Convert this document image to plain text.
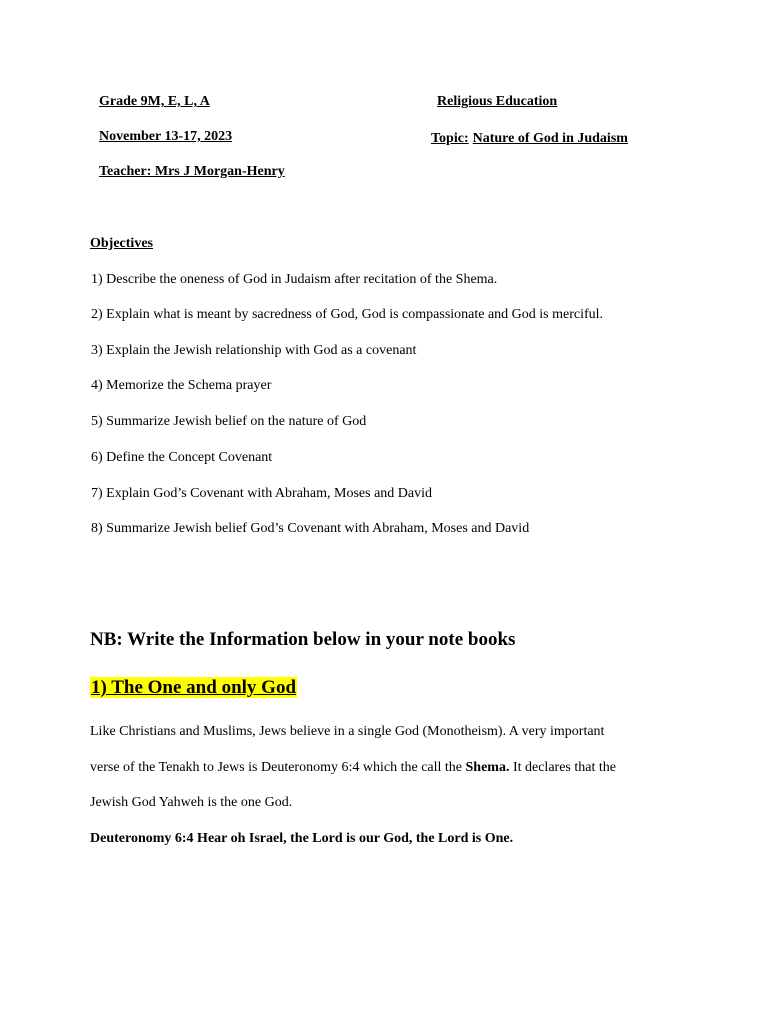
Grade 9M, E, L, A	Religious Education
November 13-17, 2023	Topic: Nature of God in Judaism
Teacher: Mrs J Morgan-Henry
Objectives
1) Describe the oneness of God in Judaism after recitation of the Shema.
2) Explain what is meant by sacredness of God, God is compassionate and God is merciful.
3) Explain the Jewish relationship with God as a covenant
4) Memorize the Schema prayer
5) Summarize Jewish belief on the nature of God
6) Define the Concept Covenant
7) Explain God’s Covenant with Abraham, Moses and David
8) Summarize Jewish belief God’s Covenant with Abraham, Moses and David
NB: Write the Information below in your note books
1) The One and only God
Like Christians and Muslims, Jews believe in a single God (Monotheism). A very important
verse of the Tenakh to Jews is Deuteronomy 6:4 which the call the Shema. It declares that the
Jewish God Yahweh is the one God.
Deuteronomy 6:4 Hear oh Israel, the Lord is our God, the Lord is One.
